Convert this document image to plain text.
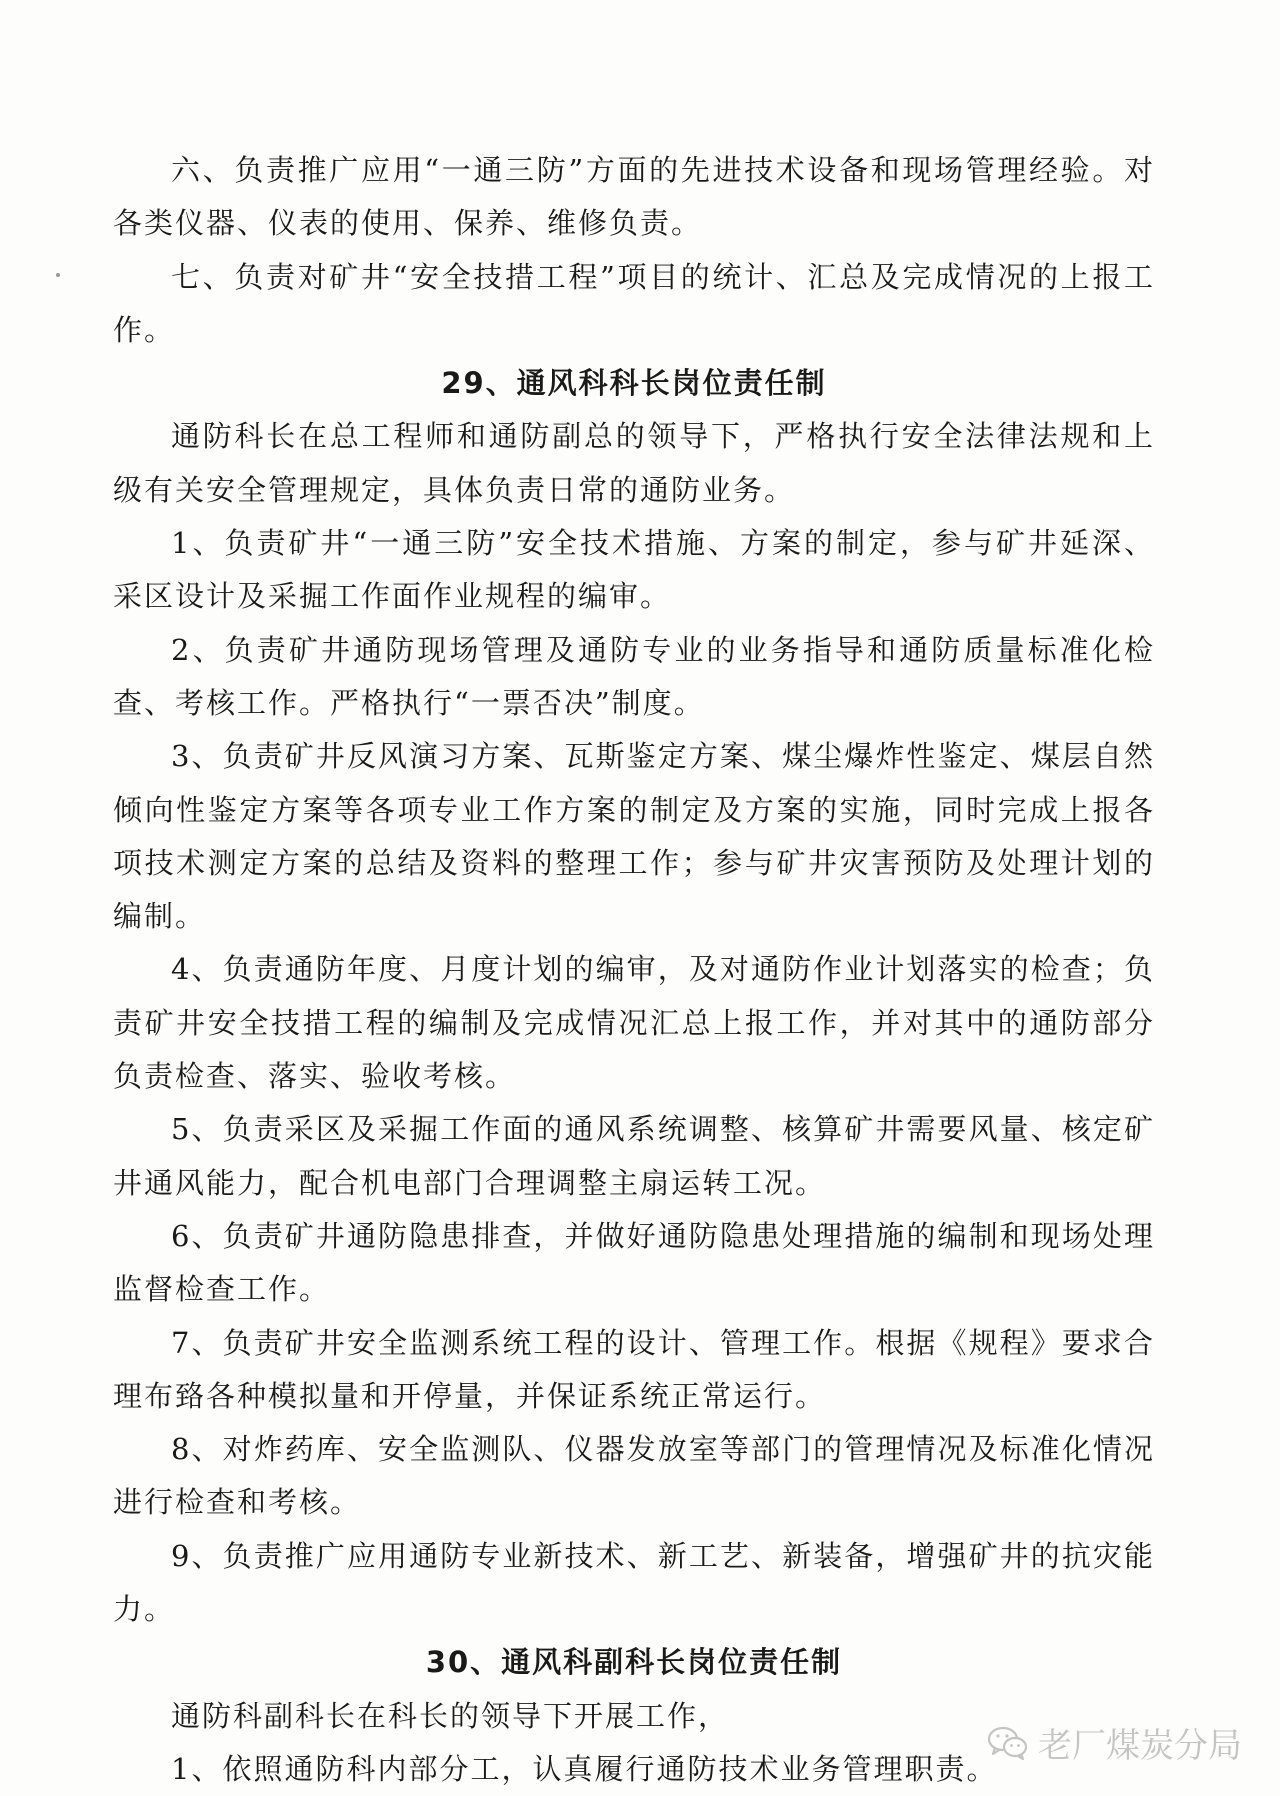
六、负责推广应用“一通三防”方面的先进技术设备和现场管理经验。对各类仪器、仪表的使用、保养、维修负责。

七、负责对矿井“安全技措工程”项目的统计、汇总及完成情况的上报工作。

29、通风科科长岗位责任制

通防科长在总工程师和通防副总的领导下，严格执行安全法律法规和上级有关安全管理规定，具体负责日常的通防业务。

1、负责矿井“一通三防”安全技术措施、方案的制定，参与矿井延深、采区设计及采掘工作面作业规程的编审。

2、负责矿井通防现场管理及通防专业的业务指导和通防质量标准化检查、考核工作。严格执行“一票否决”制度。

3、负责矿井反风演习方案、瓦斯鉴定方案、煤尘爆炸性鉴定、煤层自然倾向性鉴定方案等各项专业工作方案的制定及方案的实施，同时完成上报各项技术测定方案的总结及资料的整理工作；参与矿井灾害预防及处理计划的编制。

4、负责通防年度、月度计划的编审，及对通防作业计划落实的检查；负责矿井安全技措工程的编制及完成情况汇总上报工作，并对其中的通防部分负责检查、落实、验收考核。

5、负责采区及采掘工作面的通风系统调整、核算矿井需要风量、核定矿井通风能力，配合机电部门合理调整主扇运转工况。

6、负责矿井通防隐患排查，并做好通防隐患处理措施的编制和现场处理监督检查工作。

7、负责矿井安全监测系统工程的设计、管理工作。根据《规程》要求合理布臵各种模拟量和开停量，并保证系统正常运行。

8、对炸药库、安全监测队、仪器发放室等部门的管理情况及标准化情况进行检查和考核。

9、负责推广应用通防专业新技术、新工艺、新装备，增强矿井的抗灾能力。

30、通风科副科长岗位责任制

通防科副科长在科长的领导下开展工作，

1、依照通防科内部分工，认真履行通防技术业务管理职责。

老厂煤炭分局
